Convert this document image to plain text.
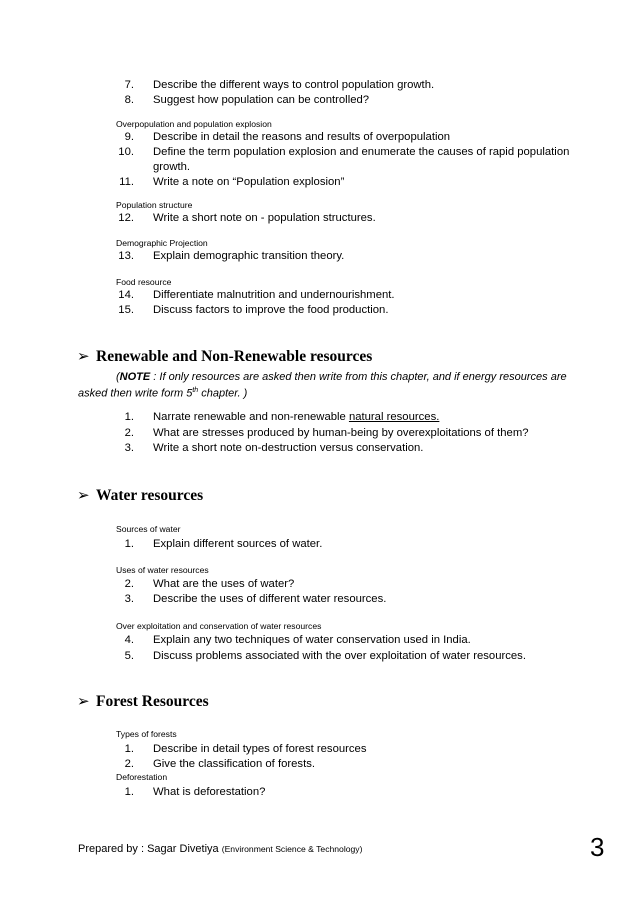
7. Describe the different ways to control population growth.
8. Suggest how population can be controlled?
Overpopulation and population explosion
9. Describe in detail the reasons and results of overpopulation
10. Define the term population explosion and enumerate the causes of rapid population
growth.
11. Write a note on “Population explosion”
Population structure
12. Write a short note on - population structures.
Demographic Projection
13. Explain demographic transition theory.
Food resource
14. Differentiate malnutrition and undernourishment.
15. Discuss factors to improve the food production.
➢ Renewable and Non-Renewable resources
(NOTE : If only resources are asked then write from this chapter, and if energy resources are
asked then write form 5th chapter. )
1. Narrate renewable and non-renewable natural resources.
2. What are stresses produced by human-being by overexploitations of them?
3. Write a short note on-destruction versus conservation.
➢ Water resources
Sources of water
1. Explain different sources of water.
Uses of water resources
2. What are the uses of water?
3. Describe the uses of different water resources.
Over exploitation and conservation of water resources
4. Explain any two techniques of water conservation used in India.
5. Discuss problems associated with the over exploitation of water resources.
➢ Forest Resources
Types of forests
1. Describe in detail types of forest resources
2. Give the classification of forests.
Deforestation
1. What is deforestation?
Prepared by : Sagar Divetiya (Environment Science & Technology)	3
